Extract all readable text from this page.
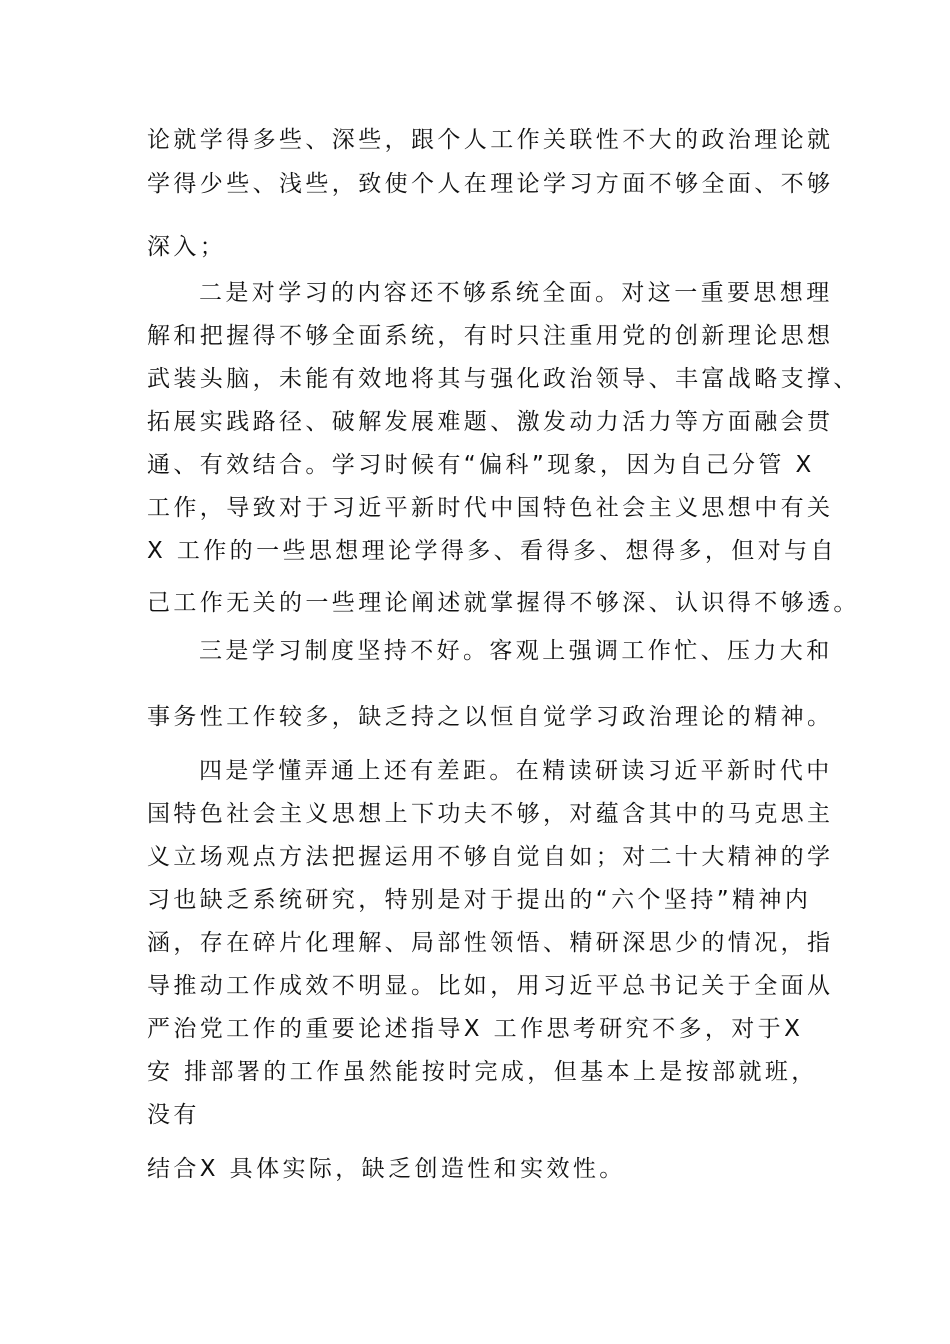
论就学得多些、深些，跟个人工作关联性不大的政治理论就

学得少些、浅些，致使个人在理论学习方面不够全面、不够

深入；

二是对学习的内容还不够系统全面。对这一重要思想理

解和把握得不够全面系统，有时只注重用党的创新理论思想

武装头脑，未能有效地将其与强化政治领导、丰富战略支撑、

拓展实践路径、破解发展难题、激发动力活力等方面融会贯

通、有效结合。学习时候有“偏科”现象，因为自己分管 X

工作，导致对于习近平新时代中国特色社会主义思想中有关

X 工作的一些思想理论学得多、看得多、想得多，但对与自

己工作无关的一些理论阐述就掌握得不够深、认识得不够透。

三是学习制度坚持不好。客观上强调工作忙、压力大和

事务性工作较多，缺乏持之以恒自觉学习政治理论的精神。

四是学懂弄通上还有差距。在精读研读习近平新时代中

国特色社会主义思想上下功夫不够，对蕴含其中的马克思主

义立场观点方法把握运用不够自觉自如；对二十大精神的学

习也缺乏系统研究，特别是对于提出的“六个坚持”精神内

涵，存在碎片化理解、局部性领悟、精研深思少的情况，指

导推动工作成效不明显。比如，用习近平总书记关于全面从

严治党工作的重要论述指导X 工作思考研究不多，对于X

安 排部署的工作虽然能按时完成，但基本上是按部就班，

没有

结合X 具体实际，缺乏创造性和实效性。
